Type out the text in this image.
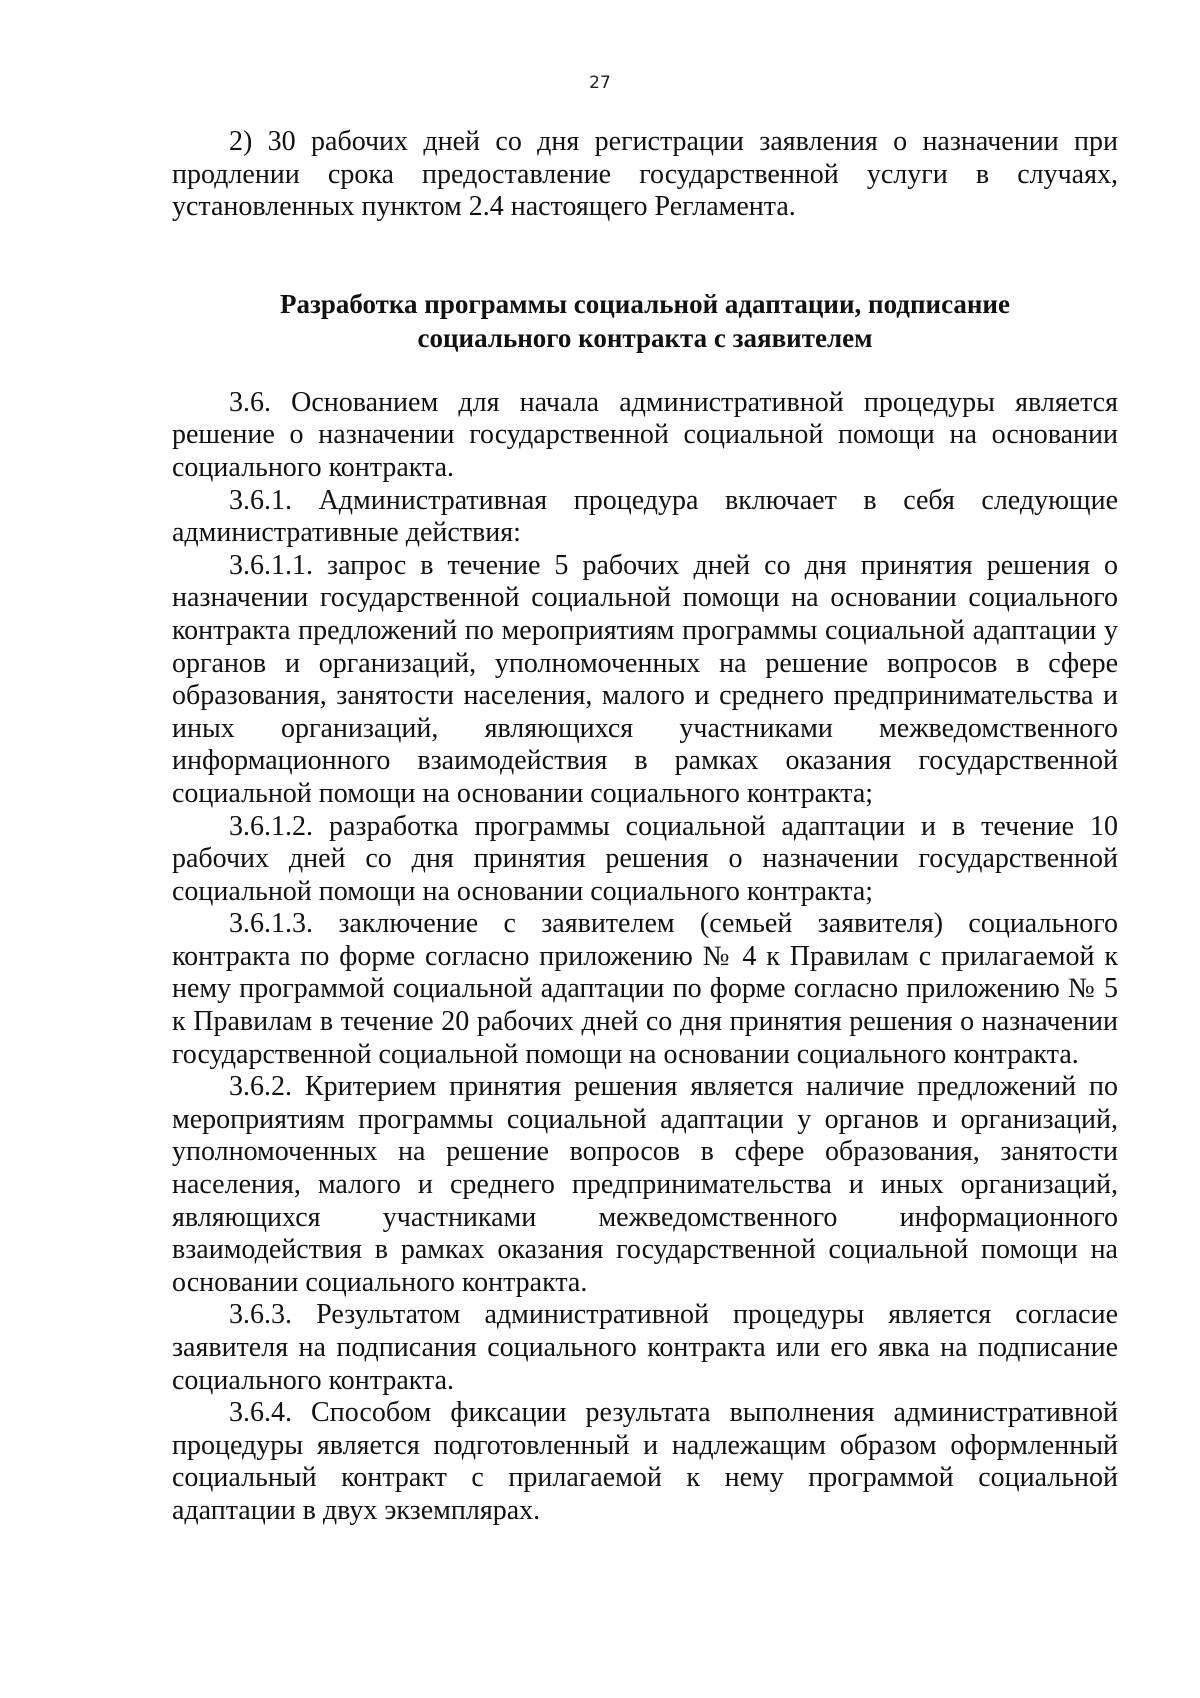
27

2) 30 рабочих дней со дня регистрации заявления о назначении при продлении срока предоставление государственной услуги в случаях, установленных пунктом 2.4 настоящего Регламента.

Разработка программы социальной адаптации, подписание
социального контракта с заявителем

3.6. Основанием для начала административной процедуры является решение о назначении государственной социальной помощи на основании социального контракта.

3.6.1. Административная процедура включает в себя следующие административные действия:

3.6.1.1. запрос в течение 5 рабочих дней со дня принятия решения о назначении государственной социальной помощи на основании социального контракта предложений по мероприятиям программы социальной адаптации у органов и организаций, уполномоченных на решение вопросов в сфере образования, занятости населения, малого и среднего предпринимательства и иных организаций, являющихся участниками межведомственного информационного взаимодействия в рамках оказания государственной социальной помощи на основании социального контракта;

3.6.1.2. разработка программы социальной адаптации и в течение 10 рабочих дней со дня принятия решения о назначении государственной социальной помощи на основании социального контракта;

3.6.1.3. заключение с заявителем (семьей заявителя) социального контракта по форме согласно приложению № 4 к Правилам с прилагаемой к нему программой социальной адаптации по форме согласно приложению № 5 к Правилам в течение 20 рабочих дней со дня принятия решения о назначении государственной социальной помощи на основании социального контракта.

3.6.2. Критерием принятия решения является наличие предложений по мероприятиям программы социальной адаптации у органов и организаций, уполномоченных на решение вопросов в сфере образования, занятости населения, малого и среднего предпринимательства и иных организаций, являющихся участниками межведомственного информационного взаимодействия в рамках оказания государственной социальной помощи на основании социального контракта.

3.6.3. Результатом административной процедуры является согласие заявителя на подписания социального контракта или его явка на подписание социального контракта.

3.6.4. Способом фиксации результата выполнения административной процедуры является подготовленный и надлежащим образом оформленный социальный контракт с прилагаемой к нему программой социальной адаптации в двух экземплярах.
